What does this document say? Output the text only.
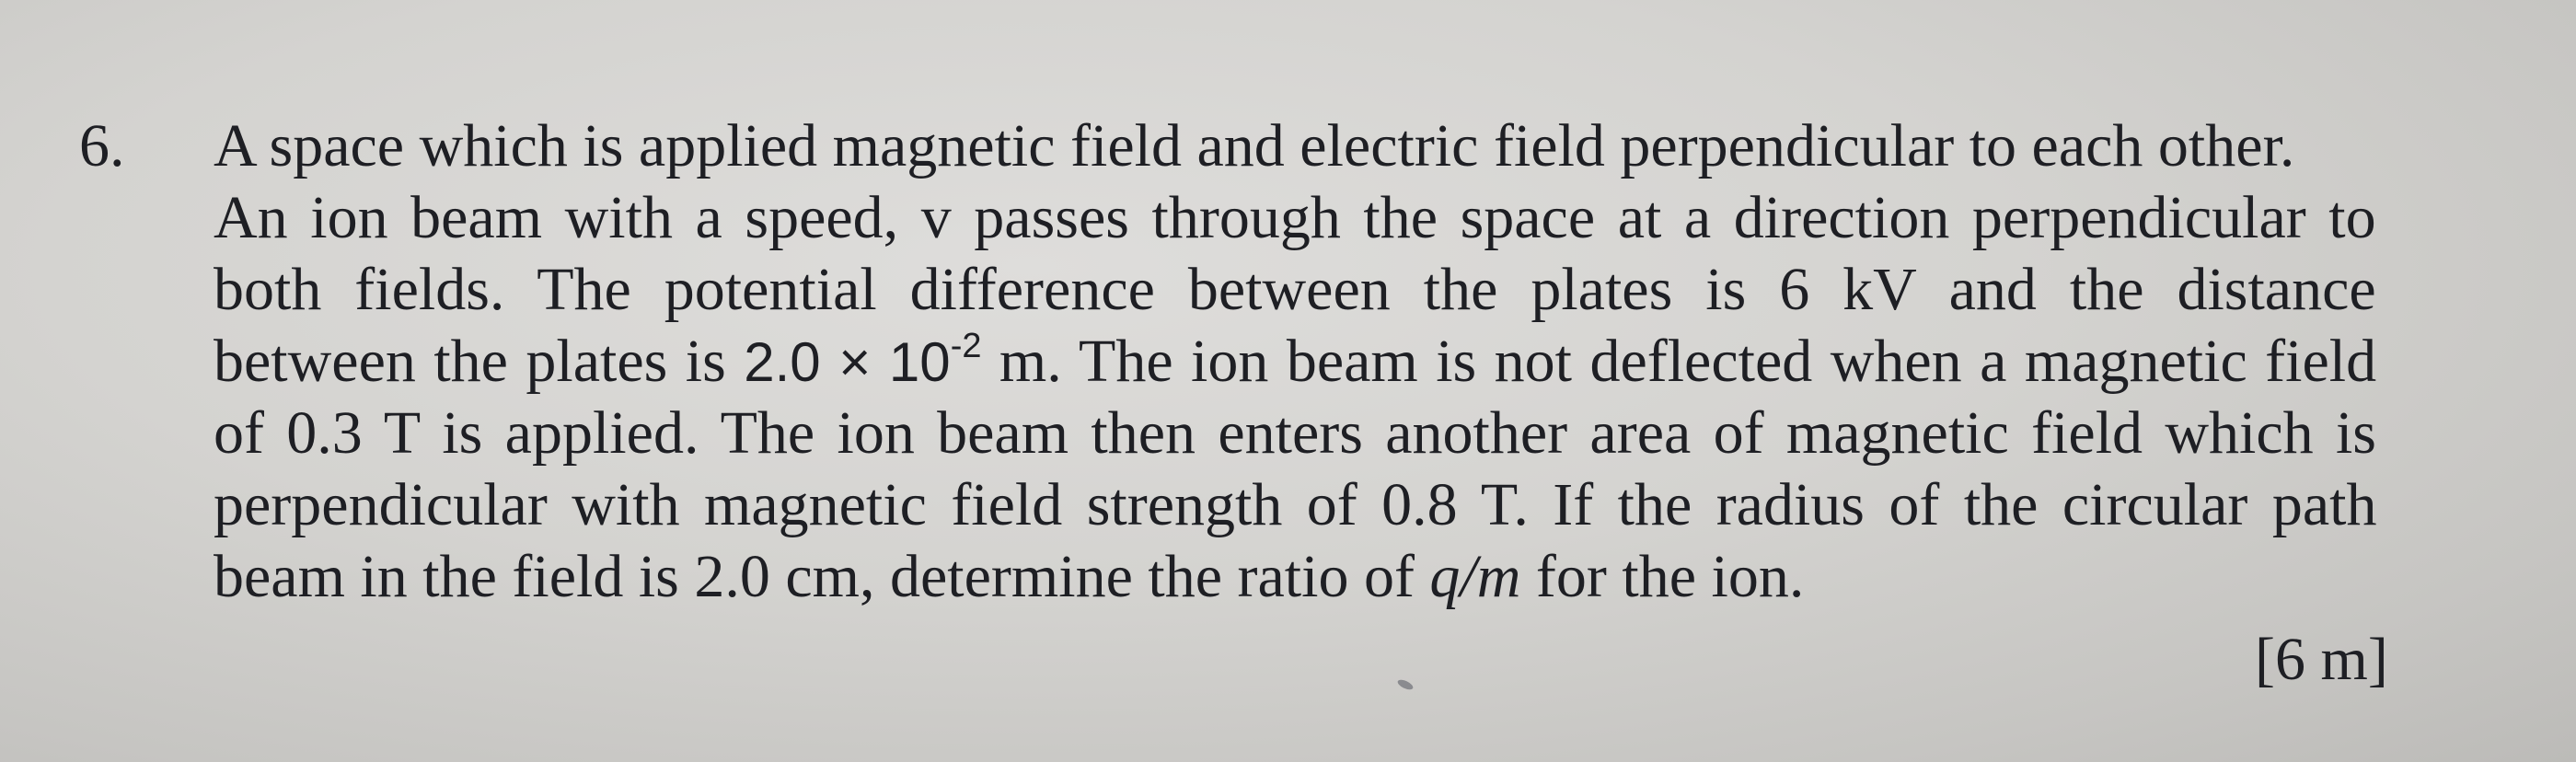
6. A space which is applied magnetic field and electric field perpendicular to each other.
An ion beam with a speed, v passes through the space at a direction perpendicular to
both fields. The potential difference between the plates is 6 kV and the distance
between the plates is $2.0 \times 10^{-2}$ m. The ion beam is not deflected when a magnetic field
of 0.3 T is applied. The ion beam then enters another area of magnetic field which is
perpendicular with magnetic field strength of 0.8 T. If the radius of the circular path
beam in the field is 2.0 cm, determine the ratio of q/m for the ion.
[6 m]
